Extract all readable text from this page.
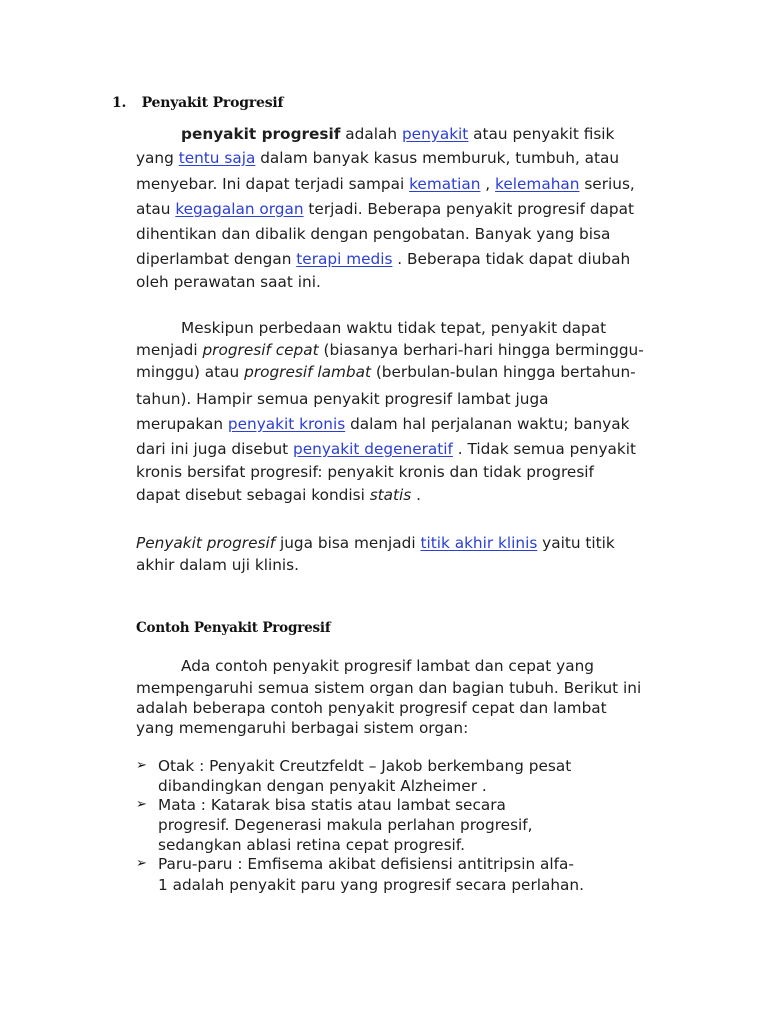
1. Penyakit Progresif
penyakit progresif adalah penyakit atau penyakit fisik
yang tentu saja dalam banyak kasus memburuk, tumbuh, atau
menyebar. Ini dapat terjadi sampai kematian , kelemahan serius,
atau kegagalan organ terjadi. Beberapa penyakit progresif dapat
dihentikan dan dibalik dengan pengobatan. Banyak yang bisa
diperlambat dengan terapi medis . Beberapa tidak dapat diubah
oleh perawatan saat ini.
Meskipun perbedaan waktu tidak tepat, penyakit dapat
menjadi progresif cepat (biasanya berhari-hari hingga berminggu-
minggu) atau progresif lambat (berbulan-bulan hingga bertahun-
tahun). Hampir semua penyakit progresif lambat juga
merupakan penyakit kronis dalam hal perjalanan waktu; banyak
dari ini juga disebut penyakit degeneratif . Tidak semua penyakit
kronis bersifat progresif: penyakit kronis dan tidak progresif
dapat disebut sebagai kondisi statis .
Penyakit progresif juga bisa menjadi titik akhir klinis yaitu titik
akhir dalam uji klinis.
Contoh Penyakit Progresif
Ada contoh penyakit progresif lambat dan cepat yang
mempengaruhi semua sistem organ dan bagian tubuh. Berikut ini
adalah beberapa contoh penyakit progresif cepat dan lambat
yang memengaruhi berbagai sistem organ:
➢ Otak : Penyakit Creutzfeldt – Jakob berkembang pesat
dibandingkan dengan penyakit Alzheimer .
➢ Mata : Katarak bisa statis atau lambat secara
progresif. Degenerasi makula perlahan progresif,
sedangkan ablasi retina cepat progresif.
➢ Paru-paru : Emfisema akibat defisiensi antitripsin alfa-
1 adalah penyakit paru yang progresif secara perlahan.
